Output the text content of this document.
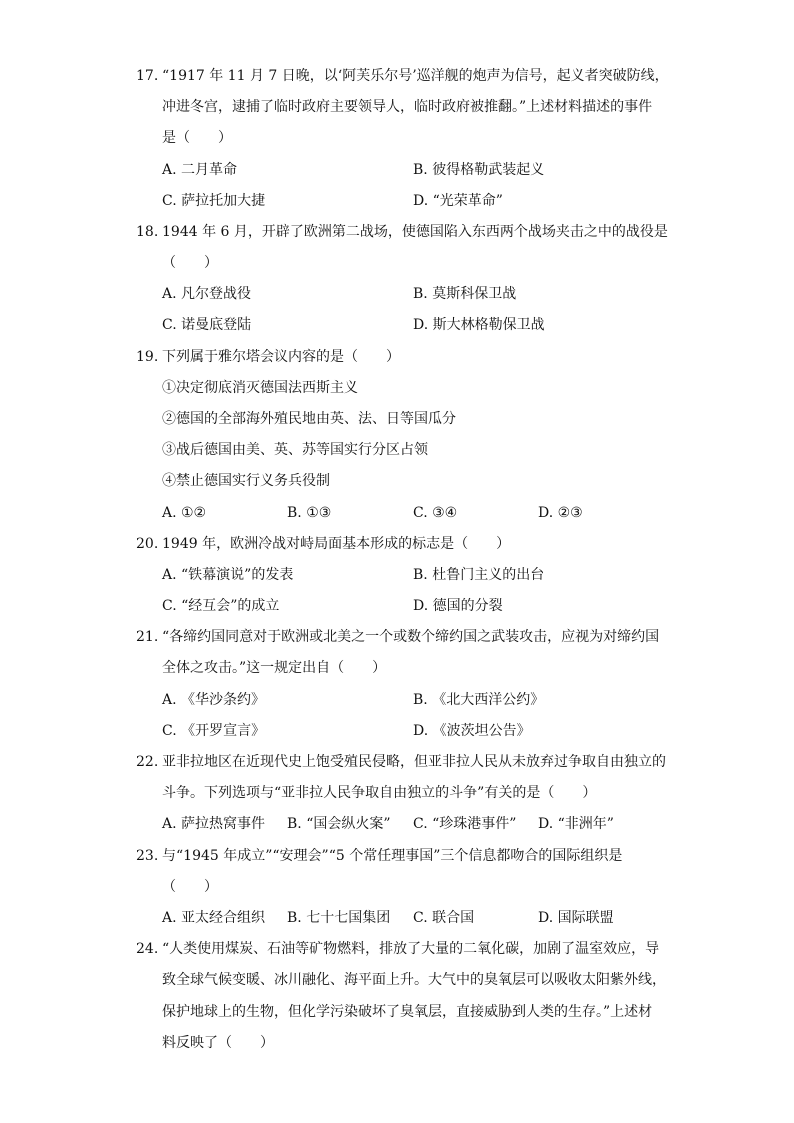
17. “1917 年 11 月 7 日晚，以‘阿芙乐尔号’巡洋舰的炮声为信号，起义者突破防线，
冲进冬宫，逮捕了临时政府主要领导人，临时政府被推翻。”上述材料描述的事件
是（　　）
A. 二月革命	B. 彼得格勒武装起义
C. 萨拉托加大捷	D. “光荣革命”
18. 1944 年 6 月，开辟了欧洲第二战场，使德国陷入东西两个战场夹击之中的战役是
（　　）
A. 凡尔登战役	B. 莫斯科保卫战
C. 诺曼底登陆	D. 斯大林格勒保卫战
19. 下列属于雅尔塔会议内容的是（　　）
①决定彻底消灭德国法西斯主义
②德国的全部海外殖民地由英、法、日等国瓜分
③战后德国由美、英、苏等国实行分区占领
④禁止德国实行义务兵役制
A. ①②	B. ①③	C. ③④	D. ②③
20. 1949 年，欧洲冷战对峙局面基本形成的标志是（　　）
A. “铁幕演说”的发表	B. 杜鲁门主义的出台
C. “经互会”的成立	D. 德国的分裂
21. “各缔约国同意对于欧洲或北美之一个或数个缔约国之武装攻击，应视为对缔约国
全体之攻击。”这一规定出自（　　）
A. 《华沙条约》	B. 《北大西洋公约》
C. 《开罗宣言》	D. 《波茨坦公告》
22. 亚非拉地区在近现代史上饱受殖民侵略，但亚非拉人民从未放弃过争取自由独立的
斗争。下列选项与“亚非拉人民争取自由独立的斗争”有关的是（　　）
A. 萨拉热窝事件 B. “国会纵火案” C. “珍珠港事件” D. “非洲年”
23. 与“1945 年成立”“安理会”“5 个常任理事国”三个信息都吻合的国际组织是
（　　）
A. 亚太经合组织 B. 七十七国集团 C. 联合国	D. 国际联盟
24. “人类使用煤炭、石油等矿物燃料，排放了大量的二氧化碳，加剧了温室效应，导
致全球气候变暖、冰川融化、海平面上升。大气中的臭氧层可以吸收太阳紫外线，
保护地球上的生物，但化学污染破坏了臭氧层，直接威胁到人类的生存。”上述材
料反映了（　　）
